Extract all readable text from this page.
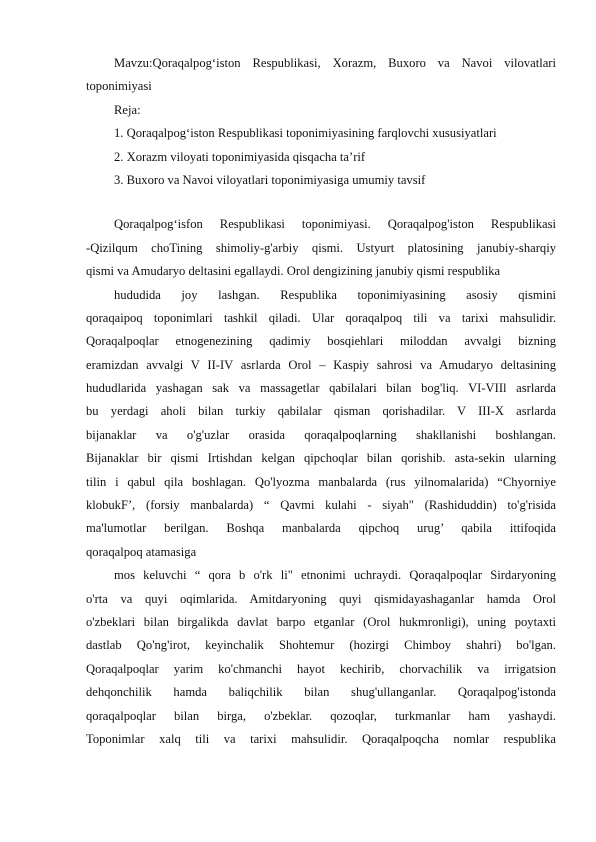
Mavzu:Qoraqalpog‘iston Respublikasi, Xorazm, Buxoro va Navoi vilovatlari
toponimiyasi
Reja:
1. Qoraqalpog‘iston Respublikasi toponimiyasining farqlovchi xususiyatlari
2. Xorazm viloyati toponimiyasida qisqacha ta’rif
3. Buxoro va Navoi viloyatlari toponimiyasiga umumiy tavsif
Qoraqalpog‘isfon Respublikasi toponimiyasi. Qoraqalpog'iston Respublikasi
-Qizilqum choTining shimoliy-g'arbiy qismi. Ustyurt platosining janubiy-sharqiy
qismi va Amudaryo deltasini egallaydi. Orol dengizining janubiy qismi respublika
hududida joy lashgan. Respublika toponimiyasining asosiy qismini
qoraqaipoq toponimlari tashkil qiladi. Ular qoraqalpoq tili va tarixi mahsulidir.
Qoraqalpoqlar etnogenezining qadimiy bosqiehlari miloddan avvalgi bizning
eramizdan avvalgi V II-IV asrlarda Orol – Kaspiy sahrosi va Amudaryo deltasining
hududlarida yashagan sak va massagetlar qabilalari bilan bog'liq. VI-VIIl asrlarda
bu yerdagi aholi bilan turkiy qabilalar qisman qorishadilar. V III-X asrlarda
bijanaklar va o'g'uzlar orasida qoraqalpoqlarning shakllanishi boshlangan.
Bijanaklar bir qismi Irtishdan kelgan qipchoqlar bilan qorishib. asta-sekin ularning
tilin i qabul qila boshlagan. Qo'lyozma manbalarda (rus yilnomalarida) “Chyorniye
klobukF’, (forsiy manbalarda) “ Qavmi kulahi - siyah" (Rashiduddin) to'g'risida
ma'lumotlar berilgan. Boshqa manbalarda qipchoq urug’ qabila ittifoqida
qoraqalpoq atamasiga
mos keluvchi “ qora b o'rk li" etnonimi uchraydi. Qoraqalpoqlar Sirdaryoning
o'rta va quyi oqimlarida. Amitdaryoning quyi qismidayashaganlar hamda Orol
o'zbeklari bilan birgalikda davlat barpo etganlar (Orol hukmronligi), uning poytaxti
dastlab Qo'ng'irot, keyinchalik Shohtemur (hozirgi Chimboy shahri) bo'lgan.
Qoraqalpoqlar yarim ko'chmanchi hayot kechirib, chorvachilik va irrigatsion
dehqonchilik hamda baliqchilik bilan shug'ullanganlar. Qoraqalpog'istonda
qoraqalpoqlar bilan birga, o'zbeklar. qozoqlar, turkmanlar ham yashaydi.
Toponimlar xalq tili va tarixi mahsulidir. Qoraqalpoqcha nomlar respublika
